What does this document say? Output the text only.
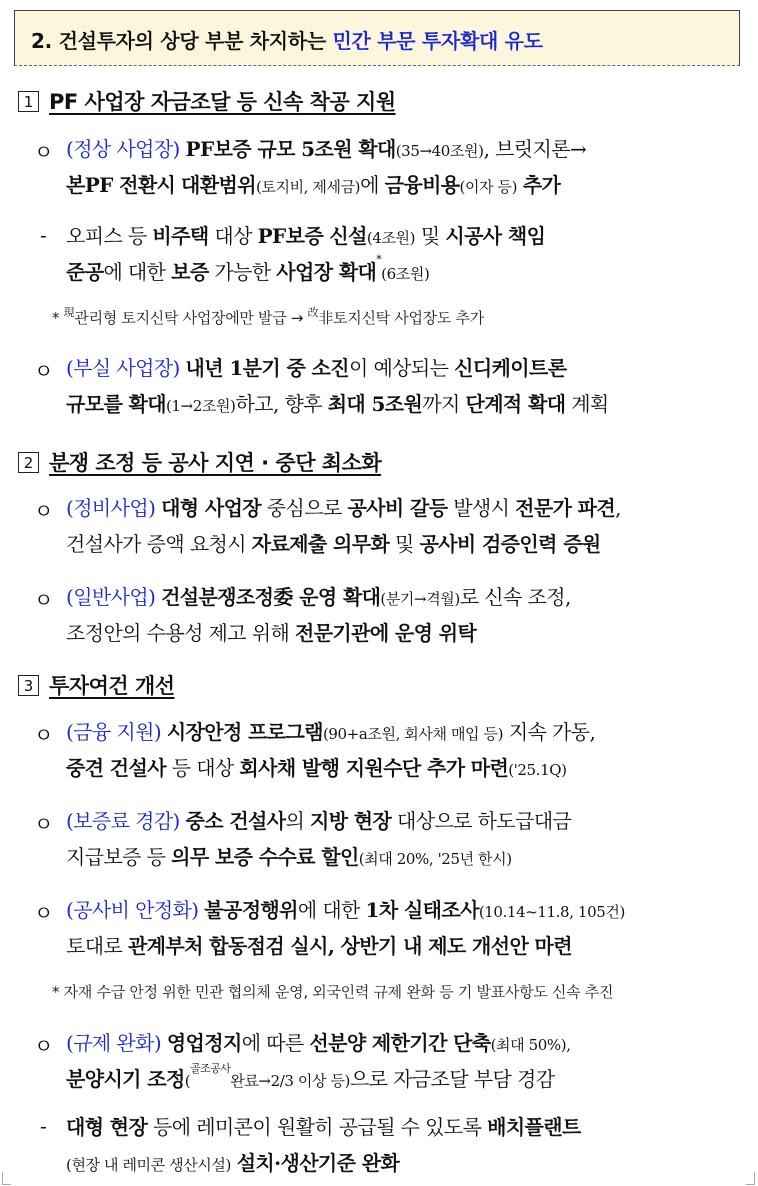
2. 건설투자의 상당 부분 차지하는 민간 부문 투자확대 유도
1 PF 사업장 자금조달 등 신속 착공 지원
ㅇ (정상 사업장) PF보증 규모 5조원 확대(35→40조원), 브릿지론→
본PF 전환시 대환범위(토지비, 제세금)에 금융비용(이자 등) 추가
- 오피스 등 비주택 대상 PF보증 신설(4조원) 및 시공사 책임
준공에 대한 보증 가능한 사업장 확대*(6조원)
* $^現$관리형 토지신탁 사업장에만 발급 → $^改$非토지신탁 사업장도 추가
ㅇ (부실 사업장) 내년 1분기 중 소진이 예상되는 신디케이트론
규모를 확대(1→2조원)하고, 향후 최대 5조원까지 단계적 확대 계획
2 분쟁 조정 등 공사 지연 · 중단 최소화
ㅇ (정비사업) 대형 사업장 중심으로 공사비 갈등 발생시 전문가 파견,
건설사가 증액 요청시 자료제출 의무화 및 공사비 검증인력 증원
ㅇ (일반사업) 건설분쟁조정委 운영 확대(분기→격월)로 신속 조정,
조정안의 수용성 제고 위해 전문기관에 운영 위탁
3 투자여건 개선
ㅇ (금융 지원) 시장안정 프로그램(90+a조원, 회사채 매입 등) 지속 가동,
중견 건설사 등 대상 회사채 발행 지원수단 추가 마련('25.1Q)
ㅇ (보증료 경감) 중소 건설사의 지방 현장 대상으로 하도급대금
지급보증 등 의무 보증 수수료 할인(최대 20%, '25년 한시)
ㅇ (공사비 안정화) 불공정행위에 대한 1차 실태조사(10.14~11.8, 105건)
토대로 관계부처 합동점검 실시, 상반기 내 제도 개선안 마련
* 자재 수급 안정 위한 민관 협의체 운영, 외국인력 규제 완화 등 기 발표사항도 신속 추진
ㅇ (규제 완화) 영업정지에 따른 선분양 제한기간 단축(최대 50%),
분양시기 조정($^{골조공사}$완료→2/3 이상 등)으로 자금조달 부담 경감
- 대형 현장 등에 레미콘이 원활히 공급될 수 있도록 배치플랜트
(현장 내 레미콘 생산시설) 설치·생산기준 완화
